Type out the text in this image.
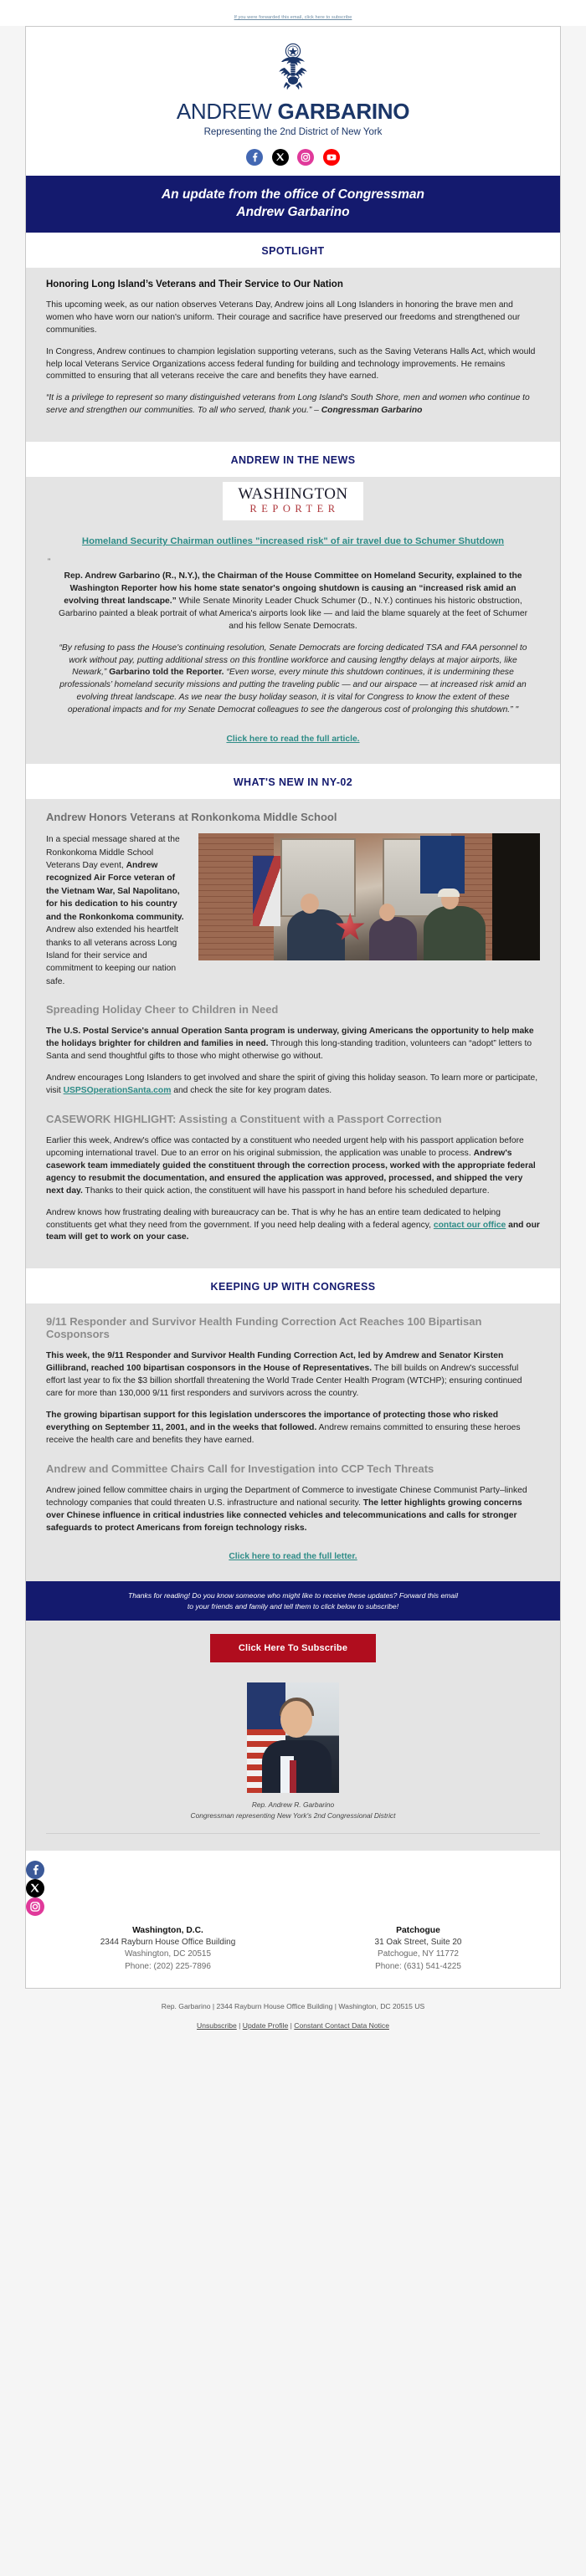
If you were forwarded this email, click here to subscribe
ANDREW GARBARINO
Representing the 2nd District of New York

An update from the office of Congressman
Andrew Garbarino
SPOTLIGHT
Honoring Long Island’s Veterans and Their Service to Our Nation

This upcoming week, as our nation observes Veterans Day, Andrew joins all Long Islanders in honoring the brave men and women who have worn our nation's uniform. Their courage and sacrifice have preserved our freedoms and strengthened our communities.

In Congress, Andrew continues to champion legislation supporting veterans, such as the Saving Veterans Halls Act, which would help local Veterans Service Organizations access federal funding for building and technology improvements. He remains committed to ensuring that all veterans receive the care and benefits they have earned.

“It is a privilege to represent so many distinguished veterans from Long Island's South Shore, men and women who continue to serve and strengthen our communities. To all who served, thank you.” – Congressman Garbarino

ANDREW IN THE NEWS
WASHINGTON
REPORTER
Homeland Security Chairman outlines "increased risk" of air travel due to Schumer Shutdown
"

Rep. Andrew Garbarino (R., N.Y.), the Chairman of the House Committee on Homeland Security, explained to the Washington Reporter how his home state senator's ongoing shutdown is causing an “increased risk amid an evolving threat landscape.” While Senate Minority Leader Chuck Schumer (D., N.Y.) continues his historic obstruction, Garbarino painted a bleak portrait of what America's airports look like — and laid the blame squarely at the feet of Schumer and his fellow Senate Democrats.

“By refusing to pass the House's continuing resolution, Senate Democrats are forcing dedicated TSA and FAA personnel to work without pay, putting additional stress on this frontline workforce and causing lengthy delays at major airports, like Newark,” Garbarino told the Reporter. “Even worse, every minute this shutdown continues, it is undermining these professionals’ homeland security missions and putting the traveling public — and our airspace — at increased risk amid an evolving threat landscape. As we near the busy holiday season, it is vital for Congress to know the extent of these operational impacts and for my Senate Democrat colleagues to see the dangerous cost of prolonging this shutdown.” "

Click here to read the full article.
WHAT'S NEW IN NY-02
Andrew Honors Veterans at Ronkonkoma Middle School
In a special message shared at the Ronkonkoma Middle School Veterans Day event, Andrew recognized Air Force veteran of the Vietnam War, Sal Napolitano, for his dedication to his country and the Ronkonkoma community. Andrew also extended his heartfelt thanks to all veterans across Long Island for their service and commitment to keeping our nation safe.
Spreading Holiday Cheer to Children in Need

The U.S. Postal Service's annual Operation Santa program is underway, giving Americans the opportunity to help make the holidays brighter for children and families in need. Through this long-standing tradition, volunteers can “adopt” letters to Santa and send thoughtful gifts to those who might otherwise go without.

Andrew encourages Long Islanders to get involved and share the spirit of giving this holiday season. To learn more or participate, visit USPSOperationSanta.com and check the site for key program dates.

CASEWORK HIGHLIGHT: Assisting a Constituent with a Passport Correction

Earlier this week, Andrew's office was contacted by a constituent who needed urgent help with his passport application before upcoming international travel. Due to an error on his original submission, the application was unable to process. Andrew's casework team immediately guided the constituent through the correction process, worked with the appropriate federal agency to resubmit the documentation, and ensured the application was approved, processed, and shipped the very next day. Thanks to their quick action, the constituent will have his passport in hand before his scheduled departure.

Andrew knows how frustrating dealing with bureaucracy can be. That is why he has an entire team dedicated to helping constituents get what they need from the government. If you need help dealing with a federal agency, contact our office and our team will get to work on your case.

KEEPING UP WITH CONGRESS
9/11 Responder and Survivor Health Funding Correction Act Reaches 100 Bipartisan Cosponsors

This week, the 9/11 Responder and Survivor Health Funding Correction Act, led by Amdrew and Senator Kirsten Gillibrand, reached 100 bipartisan cosponsors in the House of Representatives. The bill builds on Andrew's successful effort last year to fix the $3 billion shortfall threatening the World Trade Center Health Program (WTCHP); ensuring continued care for more than 130,000 9/11 first responders and survivors across the country.

The growing bipartisan support for this legislation underscores the importance of protecting those who risked everything on September 11, 2001, and in the weeks that followed. Andrew remains committed to ensuring these heroes receive the health care and benefits they have earned.

Andrew and Committee Chairs Call for Investigation into CCP Tech Threats

Andrew joined fellow committee chairs in urging the Department of Commerce to investigate Chinese Communist Party–linked technology companies that could threaten U.S. infrastructure and national security. The letter highlights growing concerns over Chinese influence in critical industries like connected vehicles and telecommunications and calls for stronger safeguards to protect Americans from foreign technology risks.

Click here to read the full letter.
Thanks for reading! Do you know someone who might like to receive these updates? Forward this email
to your friends and family and tell them to click below to subscribe!
Click Here To Subscribe
Rep. Andrew R. Garbarino
Congressman representing New York's 2nd Congressional District
Washington, D.C.
2344 Rayburn House Office Building
Washington, DC 20515
Phone: (202) 225-7896
Patchogue
31 Oak Street, Suite 20
Patchogue, NY 11772
Phone: (631) 541-4225
Rep. Garbarino | 2344 Rayburn House Office Building | Washington, DC 20515 US
Unsubscribe | Update Profile | Constant Contact Data Notice
